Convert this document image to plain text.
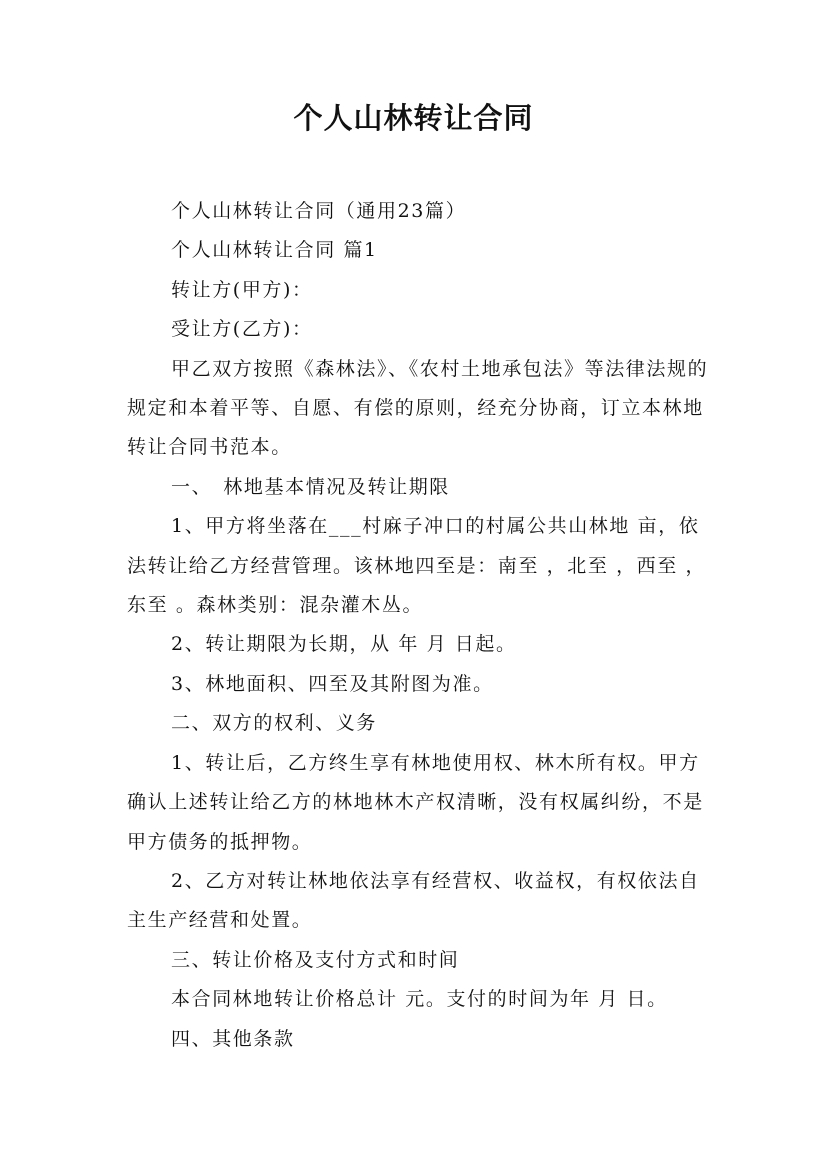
个人山林转让合同

个人山林转让合同（通用23篇）

个人山林转让合同 篇1

转让方(甲方)：

受让方(乙方)：

甲乙双方按照《森林法》、《农村土地承包法》等法律法规的规定和本着平等、自愿、有偿的原则，经充分协商，订立本林地转让合同书范本。

一、　林地基本情况及转让期限

1、甲方将坐落在___村麻子冲口的村属公共山林地 亩，依法转让给乙方经营管理。该林地四至是：南至 ，北至 ，西至 ，东至 。森林类别：混杂灌木丛。

2、转让期限为长期，从 年 月 日起。

3、林地面积、四至及其附图为准。

二、双方的权利、义务

1、转让后，乙方终生享有林地使用权、林木所有权。甲方确认上述转让给乙方的林地林木产权清晰，没有权属纠纷，不是甲方债务的抵押物。

2、乙方对转让林地依法享有经营权、收益权，有权依法自主生产经营和处置。

三、转让价格及支付方式和时间

本合同林地转让价格总计 元。支付的时间为年 月 日。

四、其他条款
